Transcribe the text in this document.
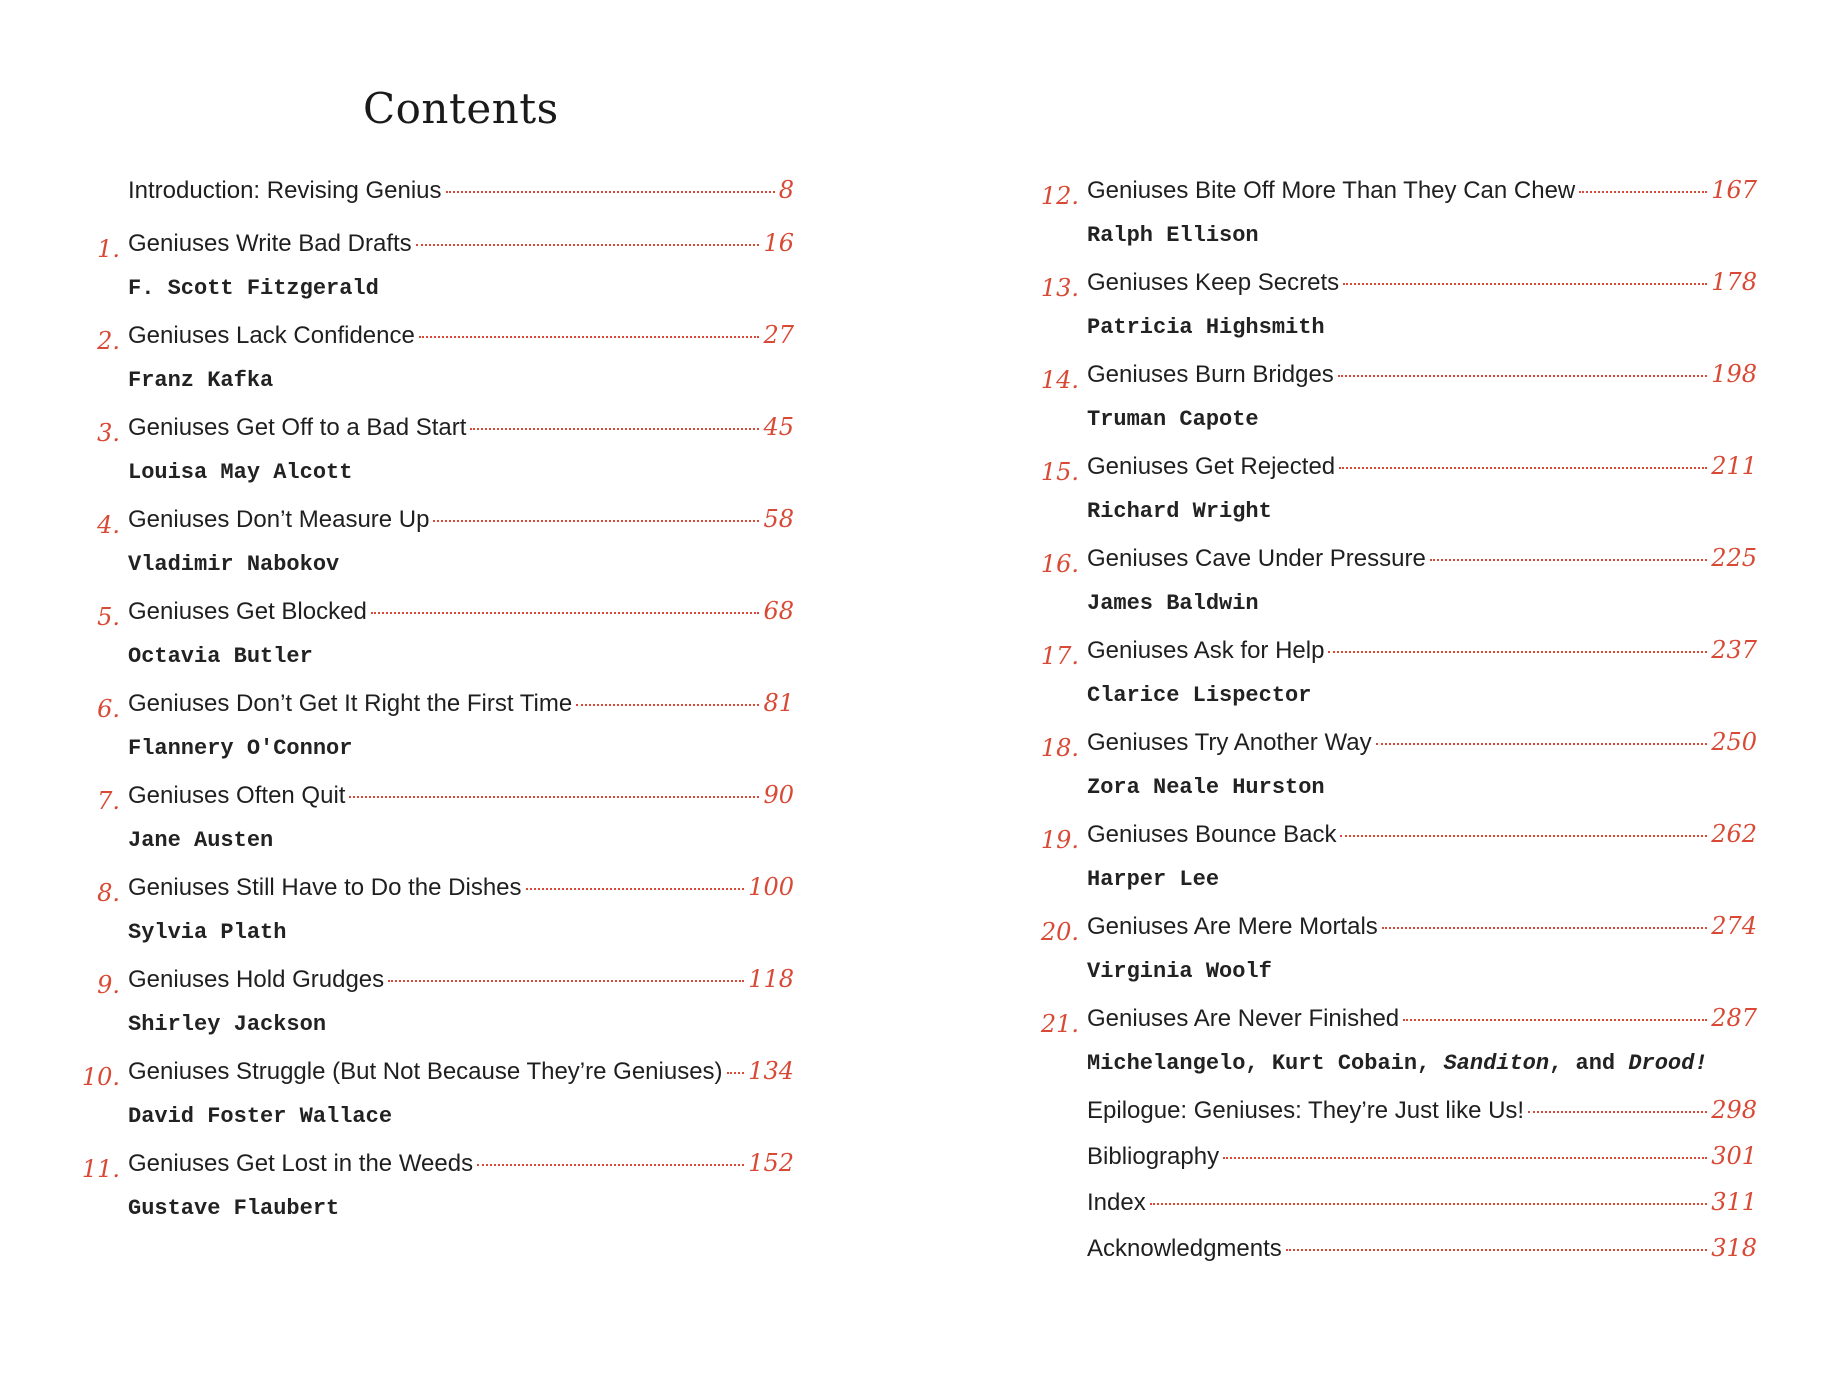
Contents
Introduction: Revising Genius	8
1. Geniuses Write Bad Drafts	16
F. Scott Fitzgerald
2. Geniuses Lack Confidence	27
Franz Kafka
3. Geniuses Get Off to a Bad Start	45
Louisa May Alcott
4. Geniuses Don’t Measure Up	58
Vladimir Nabokov
5. Geniuses Get Blocked	68
Octavia Butler
6. Geniuses Don’t Get It Right the First Time	81
Flannery O'Connor
7. Geniuses Often Quit	90
Jane Austen
8. Geniuses Still Have to Do the Dishes	100
Sylvia Plath
9. Geniuses Hold Grudges	118
Shirley Jackson
10. Geniuses Struggle (But Not Because They’re Geniuses) 134
David Foster Wallace
11. Geniuses Get Lost in the Weeds	152
Gustave Flaubert
12. Geniuses Bite Off More Than They Can Chew	167
Ralph Ellison
13. Geniuses Keep Secrets	178
Patricia Highsmith
14. Geniuses Burn Bridges	198
Truman Capote
15. Geniuses Get Rejected	211
Richard Wright
16. Geniuses Cave Under Pressure	225
James Baldwin
17. Geniuses Ask for Help	237
Clarice Lispector
18. Geniuses Try Another Way	250
Zora Neale Hurston
19. Geniuses Bounce Back	262
Harper Lee
20. Geniuses Are Mere Mortals	274
Virginia Woolf
21. Geniuses Are Never Finished	287
Michelangelo, Kurt Cobain, Sanditon, and Drood!
Epilogue: Geniuses: They’re Just like Us!	298
Bibliography	301
Index	311
Acknowledgments	318
